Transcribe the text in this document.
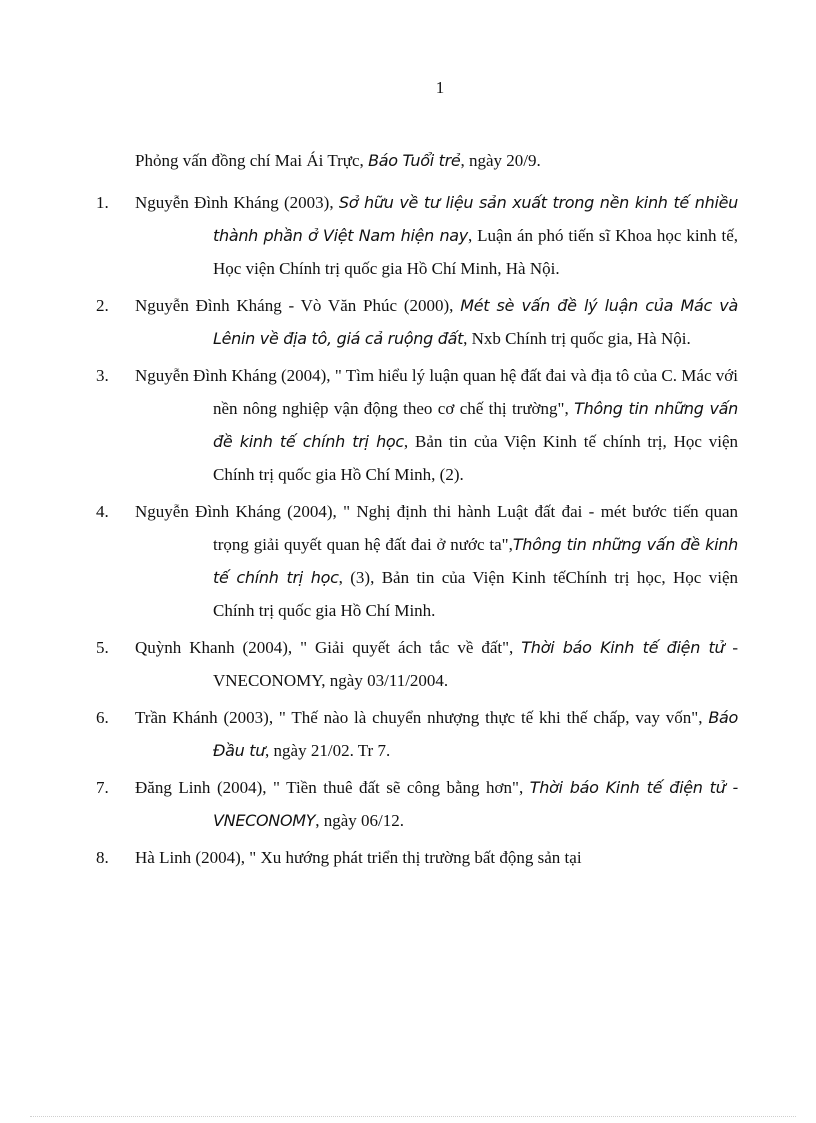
1

Phỏng vấn đồng chí Mai Ái Trực, Báo Tuổi trẻ, ngày 20/9.

1.	Nguyễn Đình Kháng (2003), Sở hữu về tư liệu sản xuất trong nền kinh tế nhiều thành phần ở Việt Nam hiện nay, Luận án phó tiến sĩ Khoa học kinh tế, Học viện Chính trị quốc gia Hồ Chí Minh, Hà Nội.
2.	Nguyễn Đình Kháng - Vò Văn Phúc (2000), Mét sè vấn đề lý luận của Mác và Lênin về địa tô, giá cả ruộng đất, Nxb Chính trị quốc gia, Hà Nội.
3.	Nguyễn Đình Kháng (2004), " Tìm hiểu lý luận quan hệ đất đai và địa tô của C. Mác với nền nông nghiệp vận động theo cơ chế thị trường", Thông tin những vấn đề kinh tế chính trị học, Bản tin của Viện Kinh tế chính trị, Học viện Chính trị quốc gia Hồ Chí Minh, (2).
4.	Nguyễn Đình Kháng (2004), " Nghị định thi hành Luật đất đai - mét bước tiến quan trọng giải quyết quan hệ đất đai ở nước ta",Thông tin những vấn đề kinh tế chính trị học, (3), Bản tin của Viện Kinh tếChính trị học, Học viện Chính trị quốc gia Hồ Chí Minh.
5.	Quỳnh Khanh (2004), " Giải quyết ách tắc về đất", Thời báo Kinh tế điện tử - VNECONOMY, ngày 03/11/2004.
6.	Trần Khánh (2003), " Thế nào là chuyển nhượng thực tế khi thế chấp, vay vốn", Báo Đầu tư, ngày 21/02. Tr 7.
7.	Đăng Linh (2004), " Tiền thuê đất sẽ công bằng hơn", Thời báo Kinh tế điện tử - VNECONOMY, ngày 06/12.
8.	Hà Linh (2004), " Xu hướng phát triển thị trường bất động sản tại
